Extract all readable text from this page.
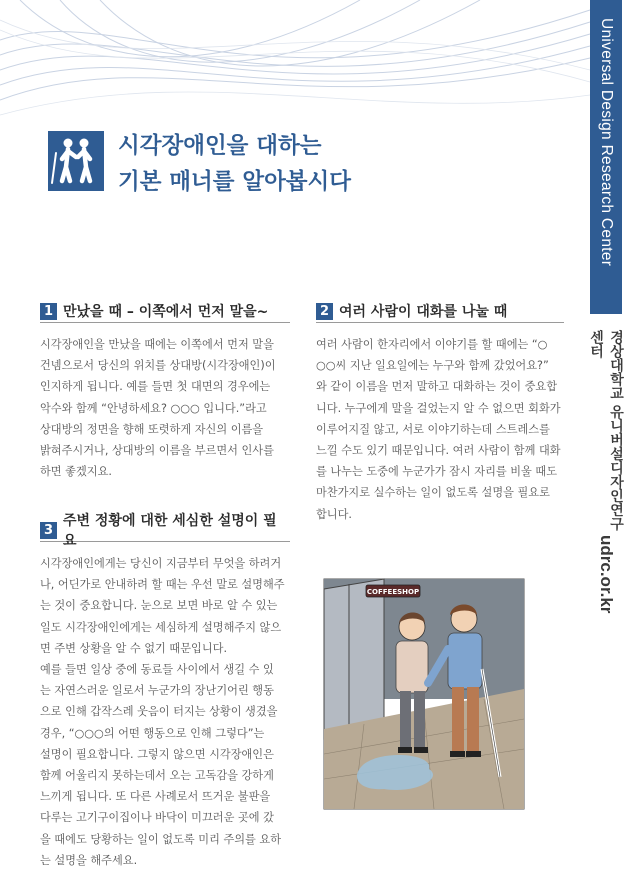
Universal Design Research Center
경상대학교 유니버설디자인연구센터
udrc.or.kr
시각장애인을 대하는
기본 매너를 알아봅시다
1 만났을 때 – 이쪽에서 먼저 말을~
시각장애인을 만났을 때에는 이쪽에서 먼저 말을
건넴으로서 당신의 위치를 상대방(시각장애인)이
인지하게 됩니다. 예를 들면 첫 대면의 경우에는
악수와 함께 “안녕하세요? ○○○ 입니다.”라고
상대방의 정면을 향해 또렷하게 자신의 이름을
밝혀주시거나, 상대방의 이름을 부르면서 인사를
하면 좋겠지요.
2 여러 사람이 대화를 나눌 때
여러 사람이 한자리에서 이야기를 할 때에는 “○
○○씨 지난 일요일에는 누구와 함께 갔었어요?”
와 같이 이름을 먼저 말하고 대화하는 것이 중요합
니다. 누구에게 말을 걸었는지 알 수 없으면 회화가
이루어지질 않고, 서로 이야기하는데 스트레스를
느낄 수도 있기 때문입니다. 여러 사람이 함께 대화
를 나누는 도중에 누군가가 잠시 자리를 비울 때도
마찬가지로 실수하는 일이 없도록 설명을 필요로
합니다.
3
주변 정황에 대한 세심한 설명이 필요
시각장애인에게는 당신이 지금부터 무엇을 하려거
나, 어딘가로 안내하려 할 때는 우선 말로 설명해주
는 것이 중요합니다. 눈으로 보면 바로 알 수 있는
일도 시각장애인에게는 세심하게 설명해주지 않으
면 주변 상황을 알 수 없기 때문입니다.
예를 들면 일상 중에 동료들 사이에서 생길 수 있
는 자연스러운 일로서 누군가의 장난기어린 행동
으로 인해 갑작스레 웃음이 터지는 상황이 생겼을
경우, “○○○의 어떤 행동으로 인해 그렇다”는
설명이 필요합니다. 그렇지 않으면 시각장애인은
함께 어울리지 못하는데서 오는 고독감을 강하게
느끼게 됩니다. 또 다른 사례로서 뜨거운 불판을
다루는 고기구이집이나 바닥이 미끄러운 곳에 갔
을 때에도 당황하는 일이 없도록 미리 주의를 요하
는 설명을 해주세요.
COFFEESHOP
